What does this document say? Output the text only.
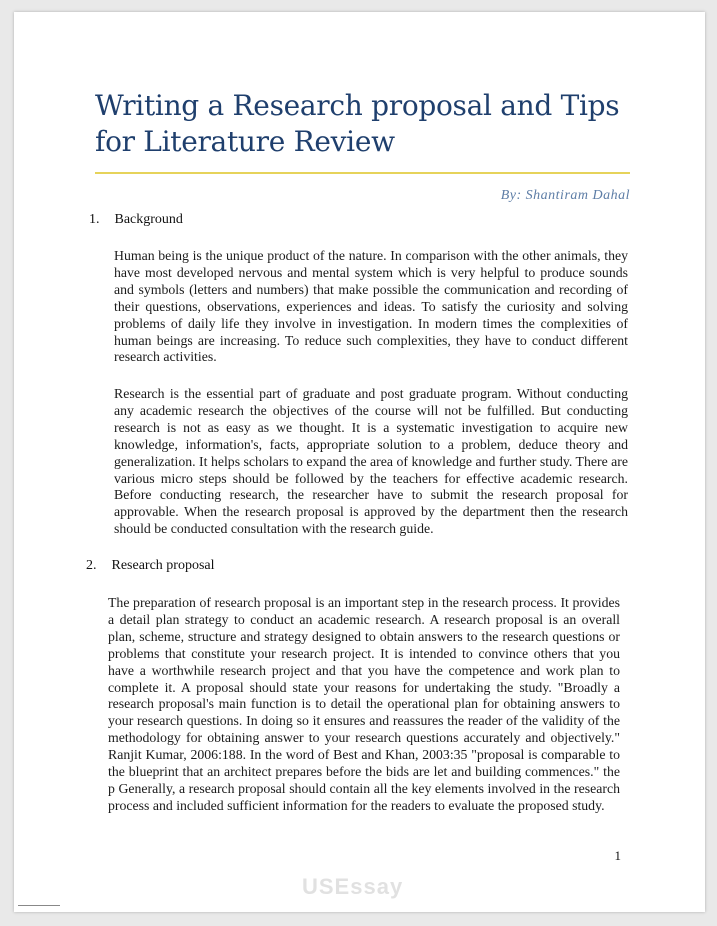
Writing a Research proposal and Tips for Literature Review
By: Shantiram Dahal
1. Background

Human being is the unique product of the nature. In comparison with the other animals, they have most developed nervous and mental system which is very helpful to produce sounds and symbols (letters and numbers) that make possible the communication and recording of their questions, observations, experiences and ideas. To satisfy the curiosity and solving problems of daily life they involve in investigation. In modern times the complexities of human beings are increasing. To reduce such complexities, they have to conduct different research activities.

Research is the essential part of graduate and post graduate program. Without conducting any academic research the objectives of the course will not be fulfilled. But conducting research is not as easy as we thought. It is a systematic investigation to acquire new knowledge, information's, facts, appropriate solution to a problem, deduce theory and generalization. It helps scholars to expand the area of knowledge and further study. There are various micro steps should be followed by the teachers for effective academic research. Before conducting research, the researcher have to submit the research proposal for approvable. When the research proposal is approved by the department then the research should be conducted consultation with the research guide.

2. Research proposal

The preparation of research proposal is an important step in the research process. It provides a detail plan strategy to conduct an academic research. A research proposal is an overall plan, scheme, structure and strategy designed to obtain answers to the research questions or problems that constitute your research project. It is intended to convince others that you have a worthwhile research project and that you have the competence and work plan to complete it. A proposal should state your reasons for undertaking the study. "Broadly a research proposal's main function is to detail the operational plan for obtaining answers to your research questions. In doing so it ensures and reassures the reader of the validity of the methodology for obtaining answer to your research questions accurately and objectively." Ranjit Kumar, 2006:188. In the word of Best and Khan, 2003:35 "proposal is comparable to the blueprint that an architect prepares before the bids are let and building commences." the p Generally, a research proposal should contain all the key elements involved in the research process and included sufficient information for the readers to evaluate the proposed study.

1
USEssay
